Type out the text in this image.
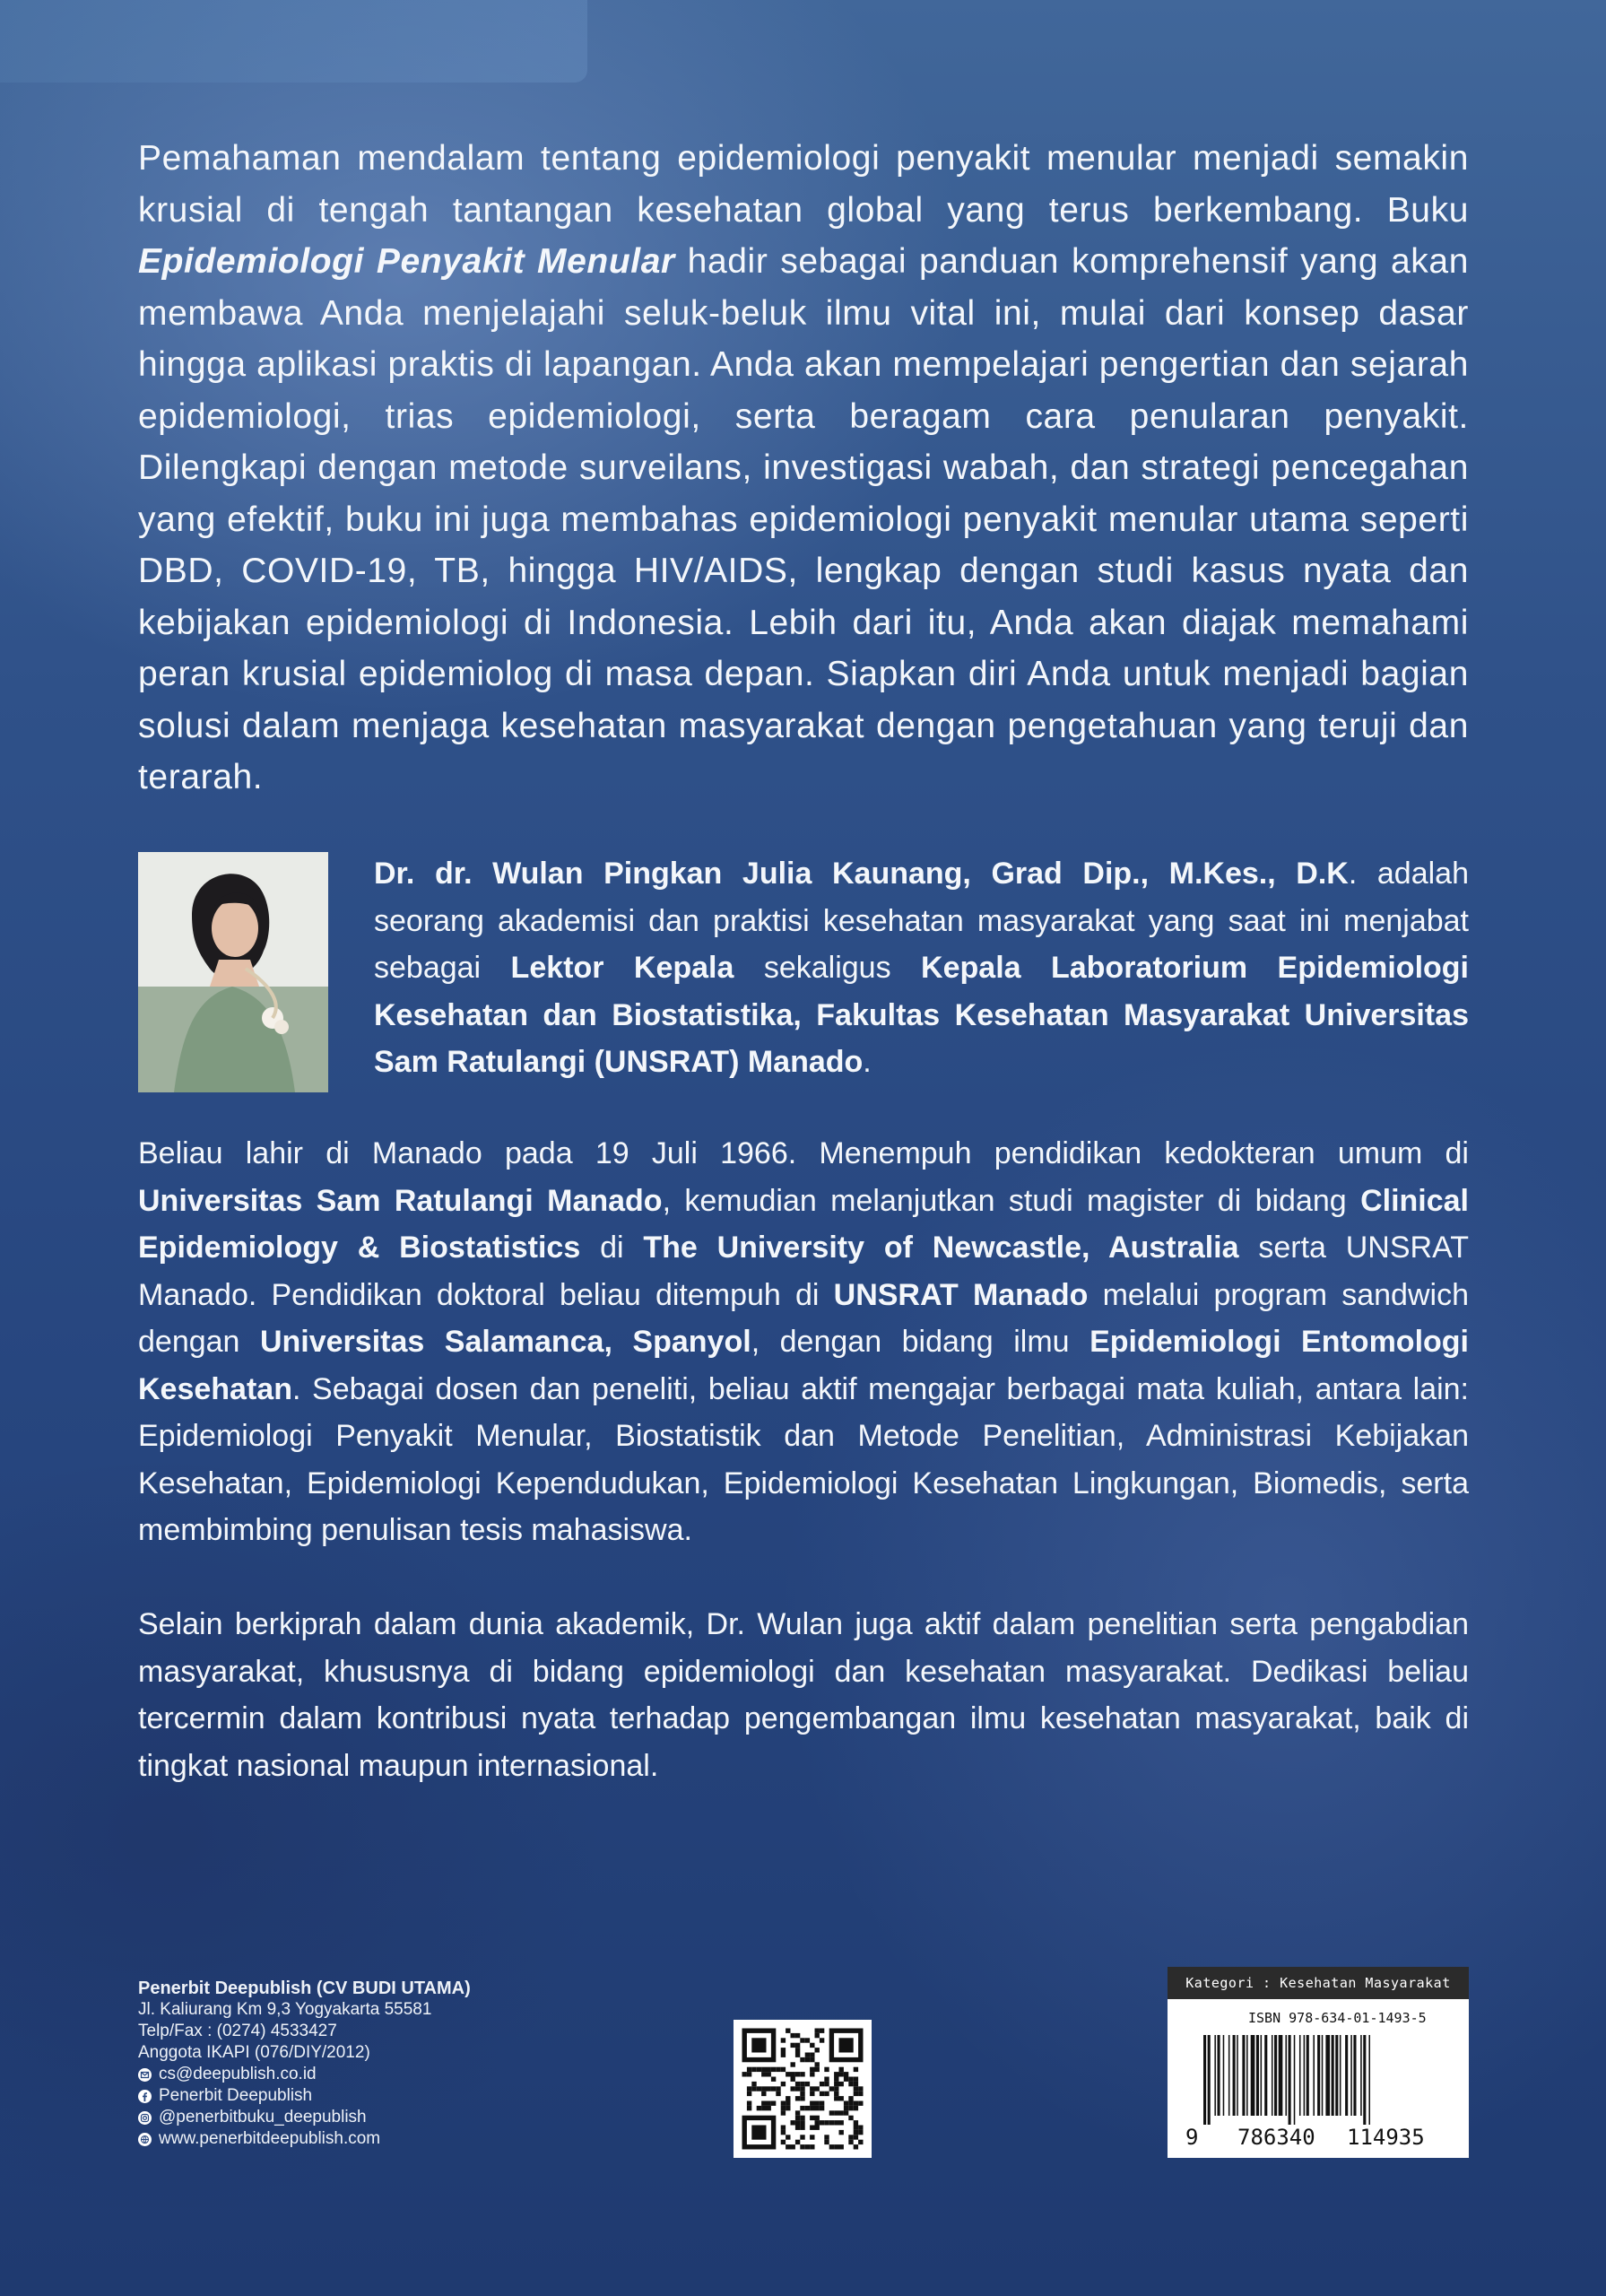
Pemahaman mendalam tentang epidemiologi penyakit menular menjadi semakin krusial di tengah tantangan kesehatan global yang terus berkembang. Buku Epidemiologi Penyakit Menular hadir sebagai panduan komprehensif yang akan membawa Anda menjelajahi seluk-beluk ilmu vital ini, mulai dari konsep dasar hingga aplikasi praktis di lapangan. Anda akan mempelajari pengertian dan sejarah epidemiologi, trias epidemiologi, serta beragam cara penularan penyakit. Dilengkapi dengan metode surveilans, investigasi wabah, dan strategi pencegahan yang efektif, buku ini juga membahas epidemiologi penyakit menular utama seperti DBD, COVID-19, TB, hingga HIV/AIDS, lengkap dengan studi kasus nyata dan kebijakan epidemiologi di Indonesia. Lebih dari itu, Anda akan diajak memahami peran krusial epidemiolog di masa depan. Siapkan diri Anda untuk menjadi bagian solusi dalam menjaga kesehatan masyarakat dengan pengetahuan yang teruji dan terarah.

Dr. dr. Wulan Pingkan Julia Kaunang, Grad Dip., M.Kes., D.K. adalah seorang akademisi dan praktisi kesehatan masyarakat yang saat ini menjabat sebagai Lektor Kepala sekaligus Kepala Laboratorium Epidemiologi Kesehatan dan Biostatistika, Fakultas Kesehatan Masyarakat Universitas Sam Ratulangi (UNSRAT) Manado.

Beliau lahir di Manado pada 19 Juli 1966. Menempuh pendidikan kedokteran umum di Universitas Sam Ratulangi Manado, kemudian melanjutkan studi magister di bidang Clinical Epidemiology & Biostatistics di The University of Newcastle, Australia serta UNSRAT Manado. Pendidikan doktoral beliau ditempuh di UNSRAT Manado melalui program sandwich dengan Universitas Salamanca, Spanyol, dengan bidang ilmu Epidemiologi Entomologi Kesehatan. Sebagai dosen dan peneliti, beliau aktif mengajar berbagai mata kuliah, antara lain: Epidemiologi Penyakit Menular, Biostatistik dan Metode Penelitian, Administrasi Kebijakan Kesehatan, Epidemiologi Kependudukan, Epidemiologi Kesehatan Lingkungan, Biomedis, serta membimbing penulisan tesis mahasiswa.

Selain berkiprah dalam dunia akademik, Dr. Wulan juga aktif dalam penelitian serta pengabdian masyarakat, khususnya di bidang epidemiologi dan kesehatan masyarakat. Dedikasi beliau tercermin dalam kontribusi nyata terhadap pengembangan ilmu kesehatan masyarakat, baik di tingkat nasional maupun internasional.

Penerbit Deepublish (CV BUDI UTAMA)
Jl. Kaliurang Km 9,3 Yogyakarta 55581
Telp/Fax : (0274) 4533427
Anggota IKAPI (076/DIY/2012)
cs@deepublish.co.id
Penerbit Deepublish
@penerbitbuku_deepublish
www.penerbitdeepublish.com
Kategori : Kesehatan Masyarakat
ISBN 978-634-01-1493-5
9 786340 114935
